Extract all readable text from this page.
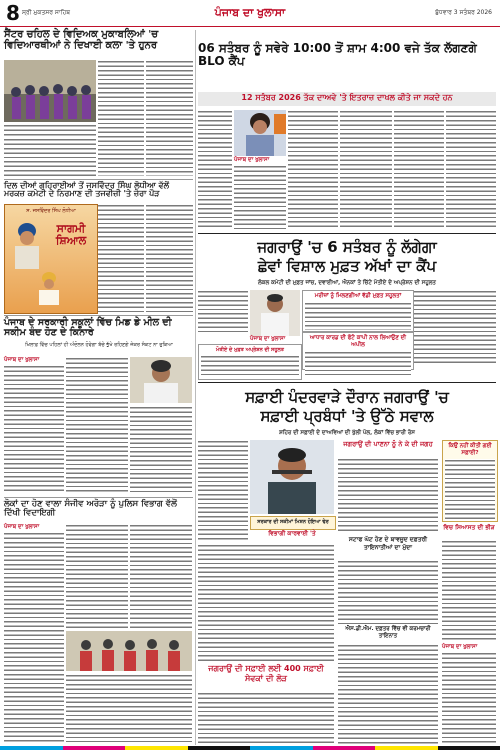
8 ਸ੍ਰੀ ਮੁਕਤਸਰ ਸਾਹਿਬ	ਪੰਜਾਬ ਦਾ ਖੁਲਾਸਾ	ਬੁੱਧਵਾਰ 3 ਸਤੰਬਰ 2026
ਸੈਂਟਰ ਚਹਿਲ ਦੇ ਵਿਦਿਅਕ ਮੁਕਾਬਲਿਆਂ 'ਚ ਵਿਦਿਆਰਥੀਆਂ ਨੇ ਦਿਖਾਈ ਕਲਾ 'ਤੇ ਹੁਨਰ
ਦਿਲ ਦੀਆਂ ਗਹਿਰਾਈਆਂ ਤੋਂ ਜਸਵਿੰਦਰ ਸਿੰਘ ਲੋਧੀਆ ਵੱਲੋਂ ਮਰਕਜ਼ ਕਮੇਟੀ ਦੇ ਨਿਰਮਾਣ ਦੀ ਤਜਵੀਜ਼ੀ 'ਤੇ ਜ਼ੋਰਾ ਪੌੜ
ਸ. ਜਸਵਿੰਦਰ ਸਿੰਘ ਲੋਧੀਆ
ਸਾਗਮੀ ਸ਼ਿਆਲ
ਪੰਜਾਬ ਦੇ ਸਰਕਾਰੀ ਸਕੂਲਾਂ ਵਿੱਚ ਮਿਡ ਡੇ ਮੀਲ ਦੀ ਸਕੀਮ ਬੰਦ ਹੋਣ ਦੇ ਕਿਨਾਰੇ
ਖ਼ਿਲਾਫ਼ ਵਿੱਚ ਪਹਿਲਾਂ ਹੀ ਅੰਦੋਲਨ ਹੋਵੇਗਾ ਬੱਚੇ ਭੁੱਖੇ ਰਹਿਣਗੇ ਜੇਕਰ ਸੰਕਟ ਨਾ ਰੁਕਿਆ
ਪੰਜਾਬ ਦਾ ਖੁਲਾਸਾ
ਲੋਕਾਂ ਦਾ ਹੋਣ ਵਾਲਾ ਸੰਜੀਵ ਅਰੋੜਾ ਨੂੰ ਪੁਲਿਸ ਵਿਭਾਗ ਵੱਲੋਂ ਦਿੱਖੀ ਵਿਦਾਇਗੀ
ਪੰਜਾਬ ਦਾ ਖੁਲਾਸਾ
06 ਸਤੰਬਰ ਨੂੰ ਸਵੇਰੇ 10:00 ਤੋਂ ਸ਼ਾਮ 4:00 ਵਜੇ ਤੱਕ ਲੱਗਣਗੇ BLO ਕੈਂਪ
12 ਸਤੰਬਰ 2026 ਤੱਕ ਦਾਅਵੇ 'ਤੇ ਇਤਰਾਜ਼ ਦਾਖਲ ਕੀਤੇ ਜਾ ਸਕਦੇ ਹਨ
ਪੰਜਾਬ ਦਾ ਖੁਲਾਸਾ
ਜਗਰਾਉਂ 'ਚ 6 ਸਤੰਬਰ ਨੂੰ ਲੱਗੇਗਾ
ਛੇਵਾਂ ਵਿਸ਼ਾਲ ਮੁਫ਼ਤ ਅੱਖਾਂ ਦਾ ਕੈਂਪ
ਲੋਕਲ ਕਮੇਟੀ ਦੀ ਮੁਫ਼ਤ ਜਾਂਚ, ਦਵਾਈਆਂ, ਐਨਕਾਂ ਤੇ ਚਿੱਟੇ ਮੋਤੀਏ ਦੇ ਅਪ੍ਰੇਸ਼ਨ ਦੀ ਸਹੂਲਤ
ਮਰੀਜ਼ਾਂ ਨੂੰ ਮਿਲਣਗੀਆਂ ਵੱਡੀ ਮੁਫ਼ਤ ਸਹੂਲਤਾਂ
ਆਧਾਰ ਕਾਰਡ ਦੀ ਫੋਟੋ ਕਾਪੀ ਨਾਲ ਲਿਆਉਣ ਦੀ ਅਪੀਲ
ਪੰਜਾਬ ਦਾ ਖੁਲਾਸਾ
ਮੋਤੀਏ ਦੇ ਮੁਫ਼ਤ ਅਪ੍ਰੇਸ਼ਨ ਦੀ ਸਹੂਲਤ
ਸਫ਼ਾਈ ਪੰਦਰਵਾੜੇ ਦੌਰਾਨ ਜਗਰਾਉਂ 'ਚ
ਸਫ਼ਾਈ ਪ੍ਰਬੰਧਾਂ 'ਤੇ ਉੱਠੇ ਸਵਾਲ
ਸ਼ਹਿਰ ਦੀ ਸਫ਼ਾਈ ਦੇ ਦਾਅਵਿਆਂ ਦੀ ਖੁੱਲੀ ਪੋਲ, ਲੋਕਾਂ ਵਿੱਚ ਭਾਰੀ ਰੋਸ
ਸਰਕਾਰ ਦੀ ਸਕੀਮਾਂ ਮਿਸ਼ਨ ਹੋਇਆ ਢੇਰ
ਵਿਭਾਗੀ ਕਾਰਵਾਈ 'ਤੇ
ਜਗਰਾਉਂ ਦੀ ਸਫ਼ਾਈ ਲਈ 400 ਸਫ਼ਾਈ ਸੇਵਕਾਂ ਦੀ ਲੋੜ
ਜਗਰਾਉਂ ਦੀ ਪਾਣਨਾ ਨੂੰ ਨੇ ਕੇ ਦੀ ਜਗਹ
ਸਟਾਫ ਘੱਟ ਹੋਣ ਦੇ ਬਾਵਜੂਦ ਦਫ਼ਤਰੀ ਤਾਇਨਾਤੀਆਂ ਦਾ ਮੁੱਦਾ
ਐਸ.ਡੀ.ਐਮ. ਦਫ਼ਤਰ ਵਿੱਚ ਵੀ ਕਰਮਚਾਰੀ ਤਾਇਨਾਤ
ਕਿਉਂ ਨਹੀਂ ਕੀਤੀ ਗਈ ਸਫ਼ਾਈ?
ਵਿਚ ਸਿਆਸਤ ਦੀ ਭੀੜ
ਪੰਜਾਬ ਦਾ ਖੁਲਾਸਾ
